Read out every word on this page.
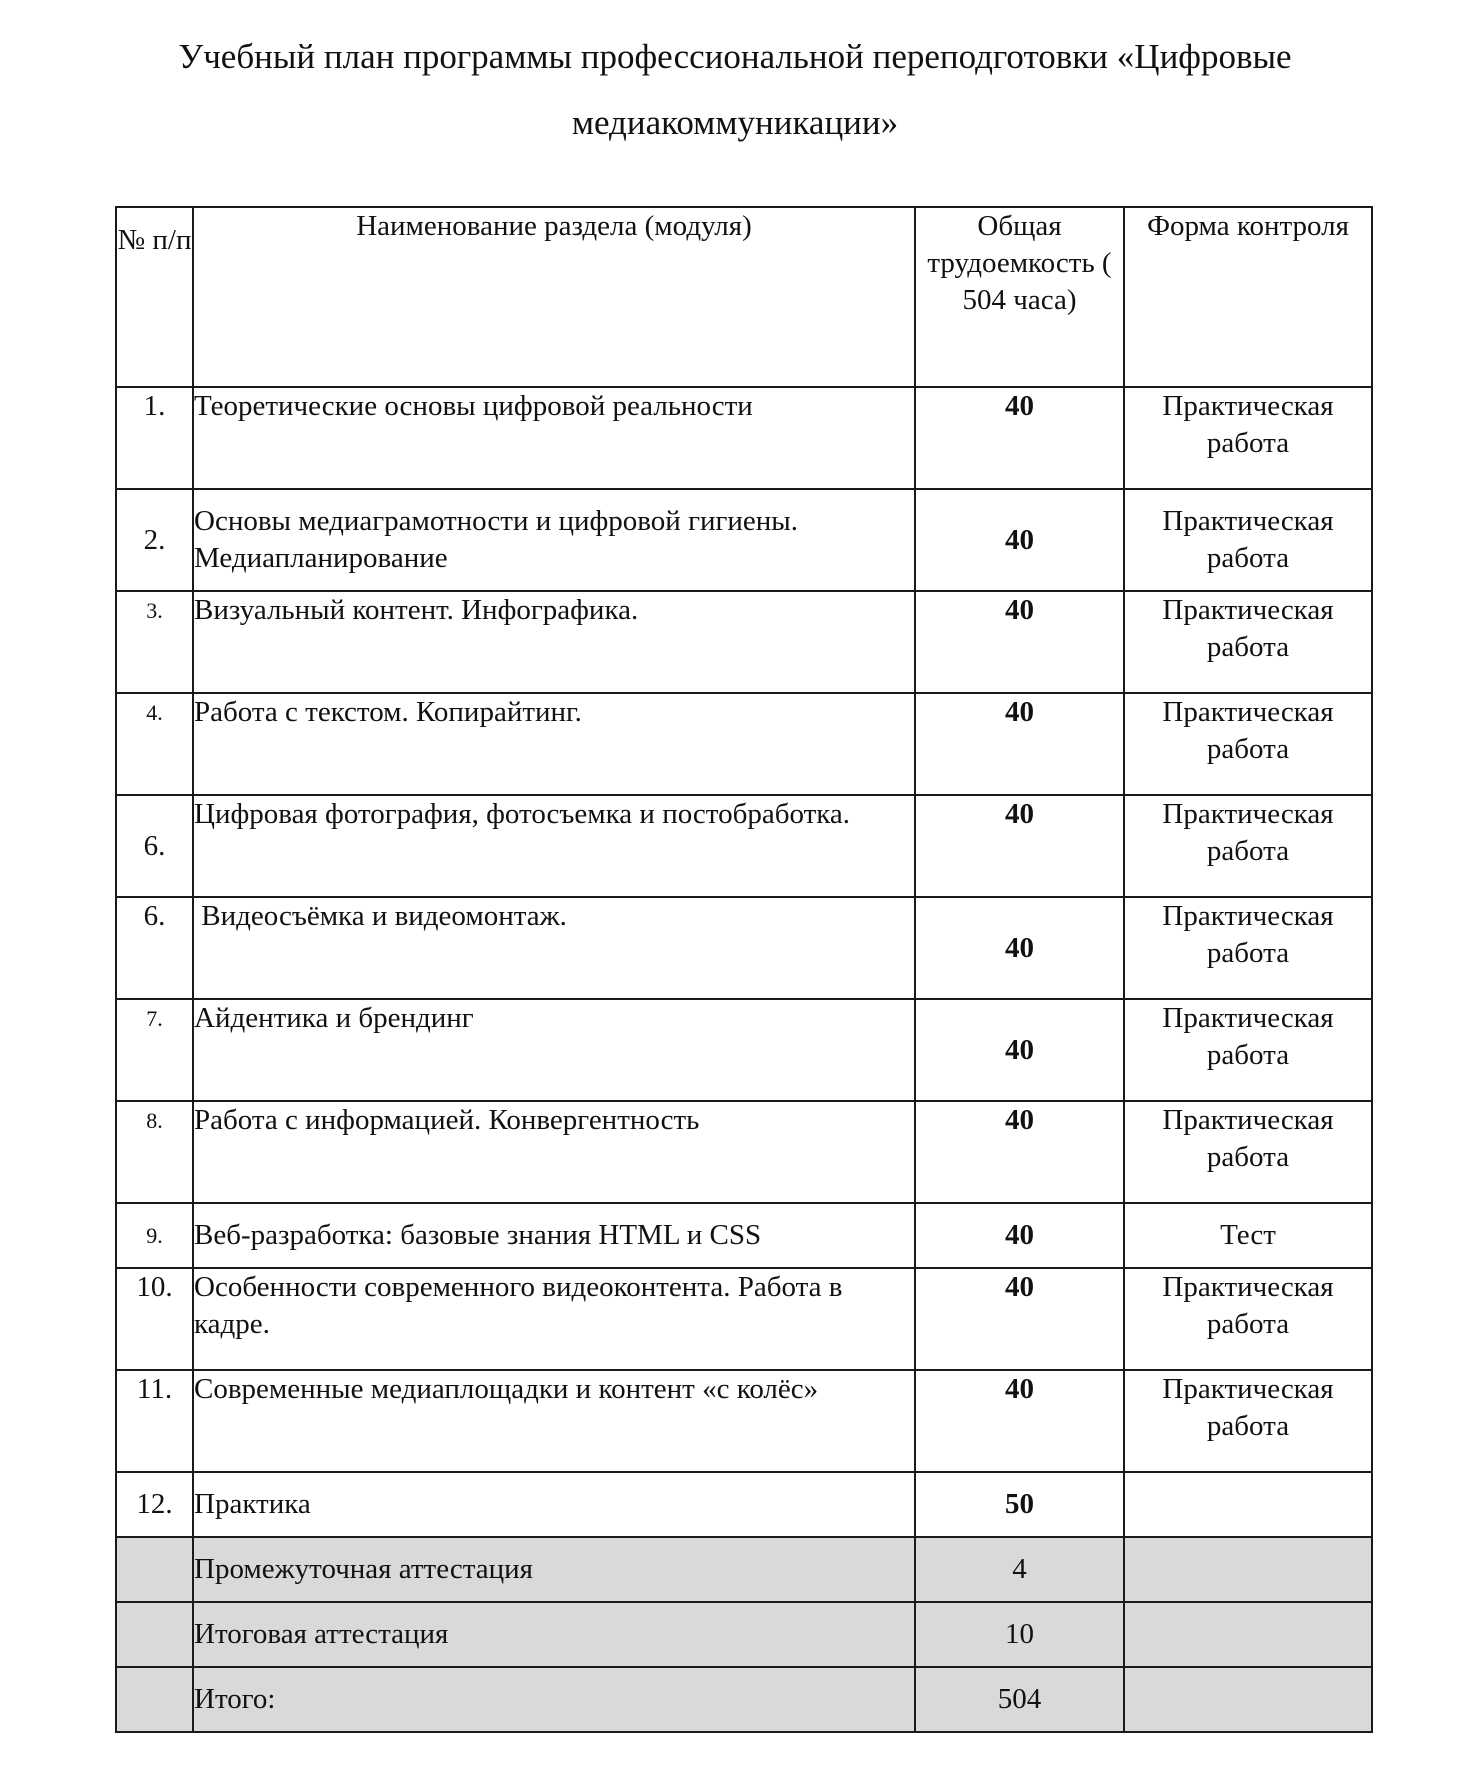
Учебный план программы профессиональной переподготовки «Цифровые
медиакоммуникации»
№ п/п	Наименование раздела (модуля)	Общая трудоемкость ( 504 часа)	Форма контроля
1.	Теоретические основы цифровой реальности	40	Практическая работа
2.	Основы медиаграмотности и цифровой гигиены. Медиапланирование	40	Практическая работа
3.	Визуальный контент. Инфографика.	40	Практическая работа
4.	Работа с текстом. Копирайтинг.	40	Практическая работа
6.	Цифровая фотография, фотосъемка и постобработка.	40	Практическая работа
6.	Видеосъёмка и видеомонтаж.	40	Практическая работа
7.	Айдентика и брендинг	40	Практическая работа
8.	Работа с информацией. Конвергентность	40	Практическая работа
9.	Веб-разработка: базовые знания HTML и CSS	40	Тест
10.	Особенности современного видеоконтента. Работа в кадре.	40	Практическая работа
11.	Современные медиаплощадки и контент «с колёс»	40	Практическая работа
12.	Практика	50	
	Промежуточная аттестация	4	
	Итоговая аттестация	10	
	Итого:	504	
